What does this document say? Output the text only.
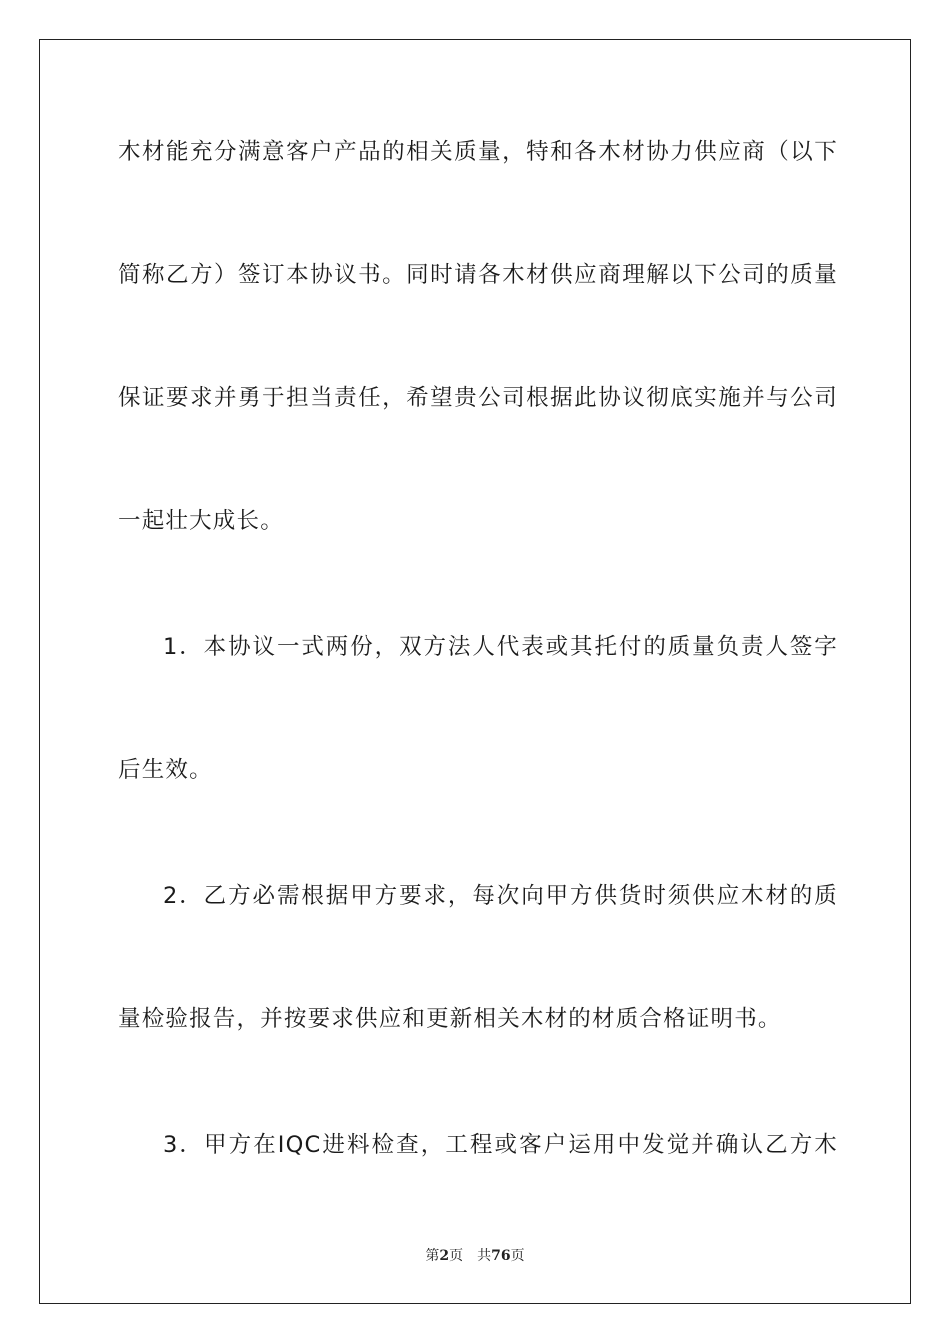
木材能充分满意客户产品的相关质量，特和各木材协力供应商（以下
简称乙方）签订本协议书。同时请各木材供应商理解以下公司的质量
保证要求并勇于担当责任，希望贵公司根据此协议彻底实施并与公司
一起壮大成长。
1．本协议一式两份，双方法人代表或其托付的质量负责人签字
后生效。
2．乙方必需根据甲方要求，每次向甲方供货时须供应木材的质
量检验报告，并按要求供应和更新相关木材的材质合格证明书。
3．甲方在IQC进料检查，工程或客户运用中发觉并确认乙方木
第2页 共76页
